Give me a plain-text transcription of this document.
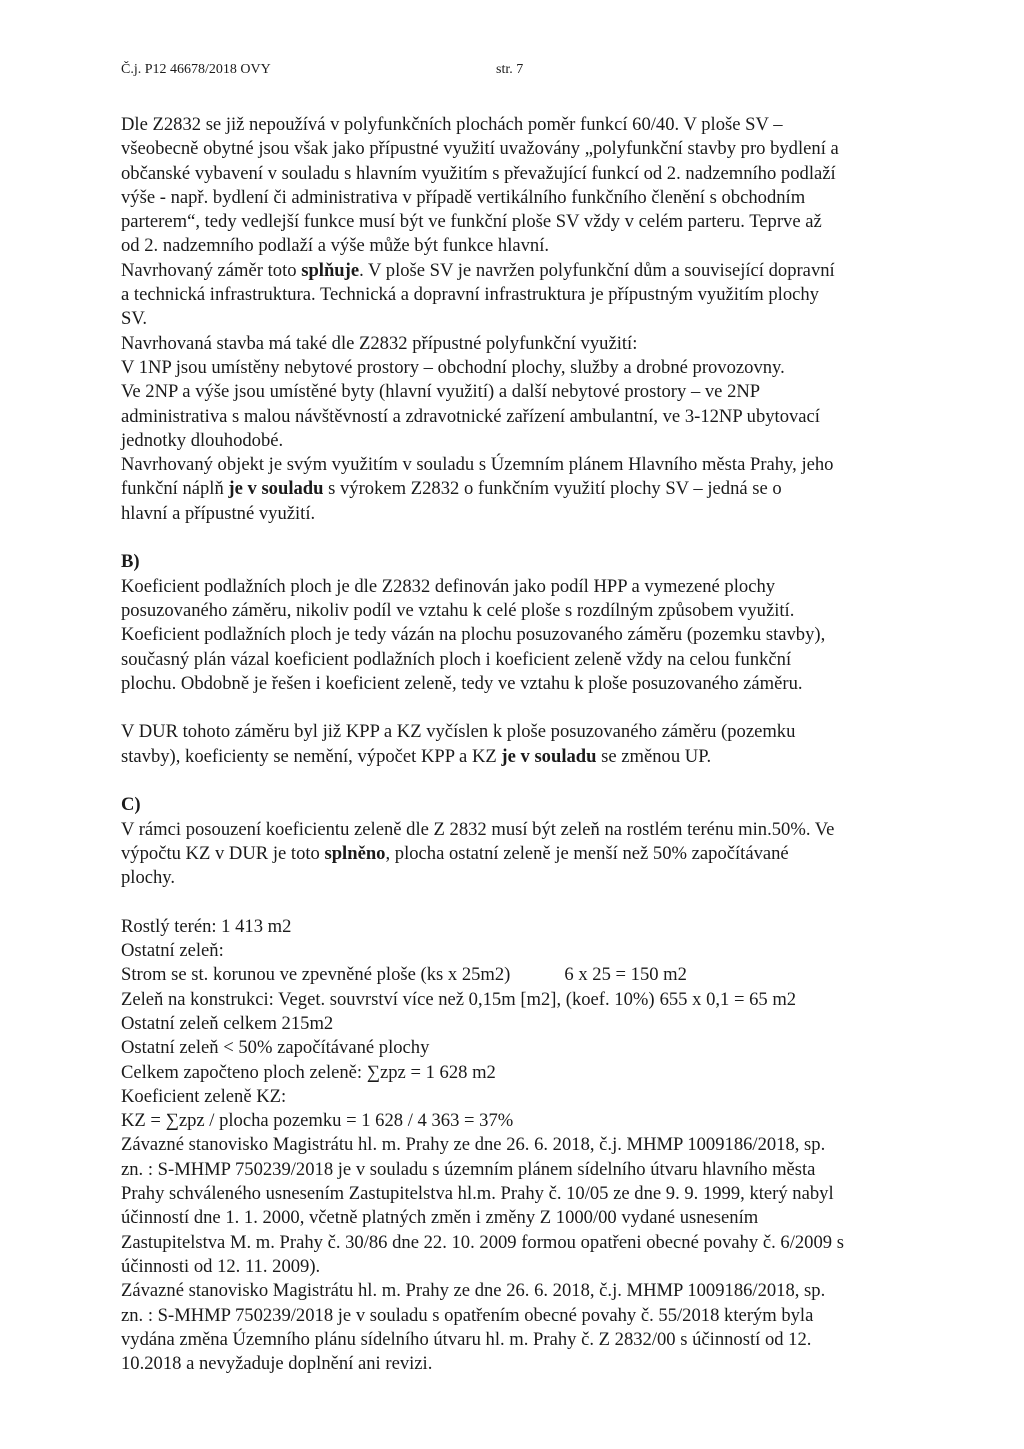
Č.j. P12 46678/2018 OVY	str. 7
Dle Z2832 se již nepoužívá v polyfunkčních plochách poměr funkcí 60/40. V ploše SV –
všeobecně obytné jsou však jako přípustné využití uvažovány „polyfunkční stavby pro bydlení a
občanské vybavení v souladu s hlavním využitím s převažující funkcí od 2. nadzemního podlaží
výše - např. bydlení či administrativa v případě vertikálního funkčního členění s obchodním
parterem“, tedy vedlejší funkce musí být ve funkční ploše SV vždy v celém parteru. Teprve až
od 2. nadzemního podlaží a výše může být funkce hlavní.
Navrhovaný záměr toto splňuje. V ploše SV je navržen polyfunkční dům a související dopravní
a technická infrastruktura. Technická a dopravní infrastruktura je přípustným využitím plochy
SV.
Navrhovaná stavba má také dle Z2832 přípustné polyfunkční využití:
V 1NP jsou umístěny nebytové prostory – obchodní plochy, služby a drobné provozovny.
Ve 2NP a výše jsou umístěné byty (hlavní využití) a další nebytové prostory – ve 2NP
administrativa s malou návštěvností a zdravotnické zařízení ambulantní, ve 3-12NP ubytovací
jednotky dlouhodobé.
Navrhovaný objekt je svým využitím v souladu s Územním plánem Hlavního města Prahy, jeho
funkční náplň je v souladu s výrokem Z2832 o funkčním využití plochy SV – jedná se o
hlavní a přípustné využití.
B)
Koeficient podlažních ploch je dle Z2832 definován jako podíl HPP a vymezené plochy
posuzovaného záměru, nikoliv podíl ve vztahu k celé ploše s rozdílným způsobem využití.
Koeficient podlažních ploch je tedy vázán na plochu posuzovaného záměru (pozemku stavby),
současný plán vázal koeficient podlažních ploch i koeficient zeleně vždy na celou funkční
plochu. Obdobně je řešen i koeficient zeleně, tedy ve vztahu k ploše posuzovaného záměru.
V DUR tohoto záměru byl již KPP a KZ vyčíslen k ploše posuzovaného záměru (pozemku
stavby), koeficienty se nemění, výpočet KPP a KZ je v souladu se změnou UP.
C)
V rámci posouzení koeficientu zeleně dle Z 2832 musí být zeleň na rostlém terénu min.50%. Ve
výpočtu KZ v DUR je toto splněno, plocha ostatní zeleně je menší než 50% započítávané
plochy.
Rostlý terén: 1 413 m2
Ostatní zeleň:
Strom se st. korunou ve zpevněné ploše (ks x 25m2)	6 x 25 = 150 m2
Zeleň na konstrukci: Veget. souvrství více než 0,15m [m2], (koef. 10%) 655 x 0,1 = 65 m2
Ostatní zeleň celkem 215m2
Ostatní zeleň < 50% započítávané plochy
Celkem započteno ploch zeleně: ∑zpz = 1 628 m2
Koeficient zeleně KZ:
KZ = ∑zpz / plocha pozemku = 1 628 / 4 363 = 37%
Závazné stanovisko Magistrátu hl. m. Prahy ze dne 26. 6. 2018, č.j. MHMP 1009186/2018, sp.
zn. : S-MHMP 750239/2018 je v souladu s územním plánem sídelního útvaru hlavního města
Prahy schváleného usnesením Zastupitelstva hl.m. Prahy č. 10/05 ze dne 9. 9. 1999, který nabyl
účinností dne 1. 1. 2000, včetně platných změn i změny Z 1000/00 vydané usnesením
Zastupitelstva M. m. Prahy č. 30/86 dne 22. 10. 2009 formou opatřeni obecné povahy č. 6/2009 s
účinnosti od 12. 11. 2009).
Závazné stanovisko Magistrátu hl. m. Prahy ze dne 26. 6. 2018, č.j. MHMP 1009186/2018, sp.
zn. : S-MHMP 750239/2018 je v souladu s opatřením obecné povahy č. 55/2018 kterým byla
vydána změna Územního plánu sídelního útvaru hl. m. Prahy č. Z 2832/00 s účinností od 12.
10.2018 a nevyžaduje doplnění ani revizi.
